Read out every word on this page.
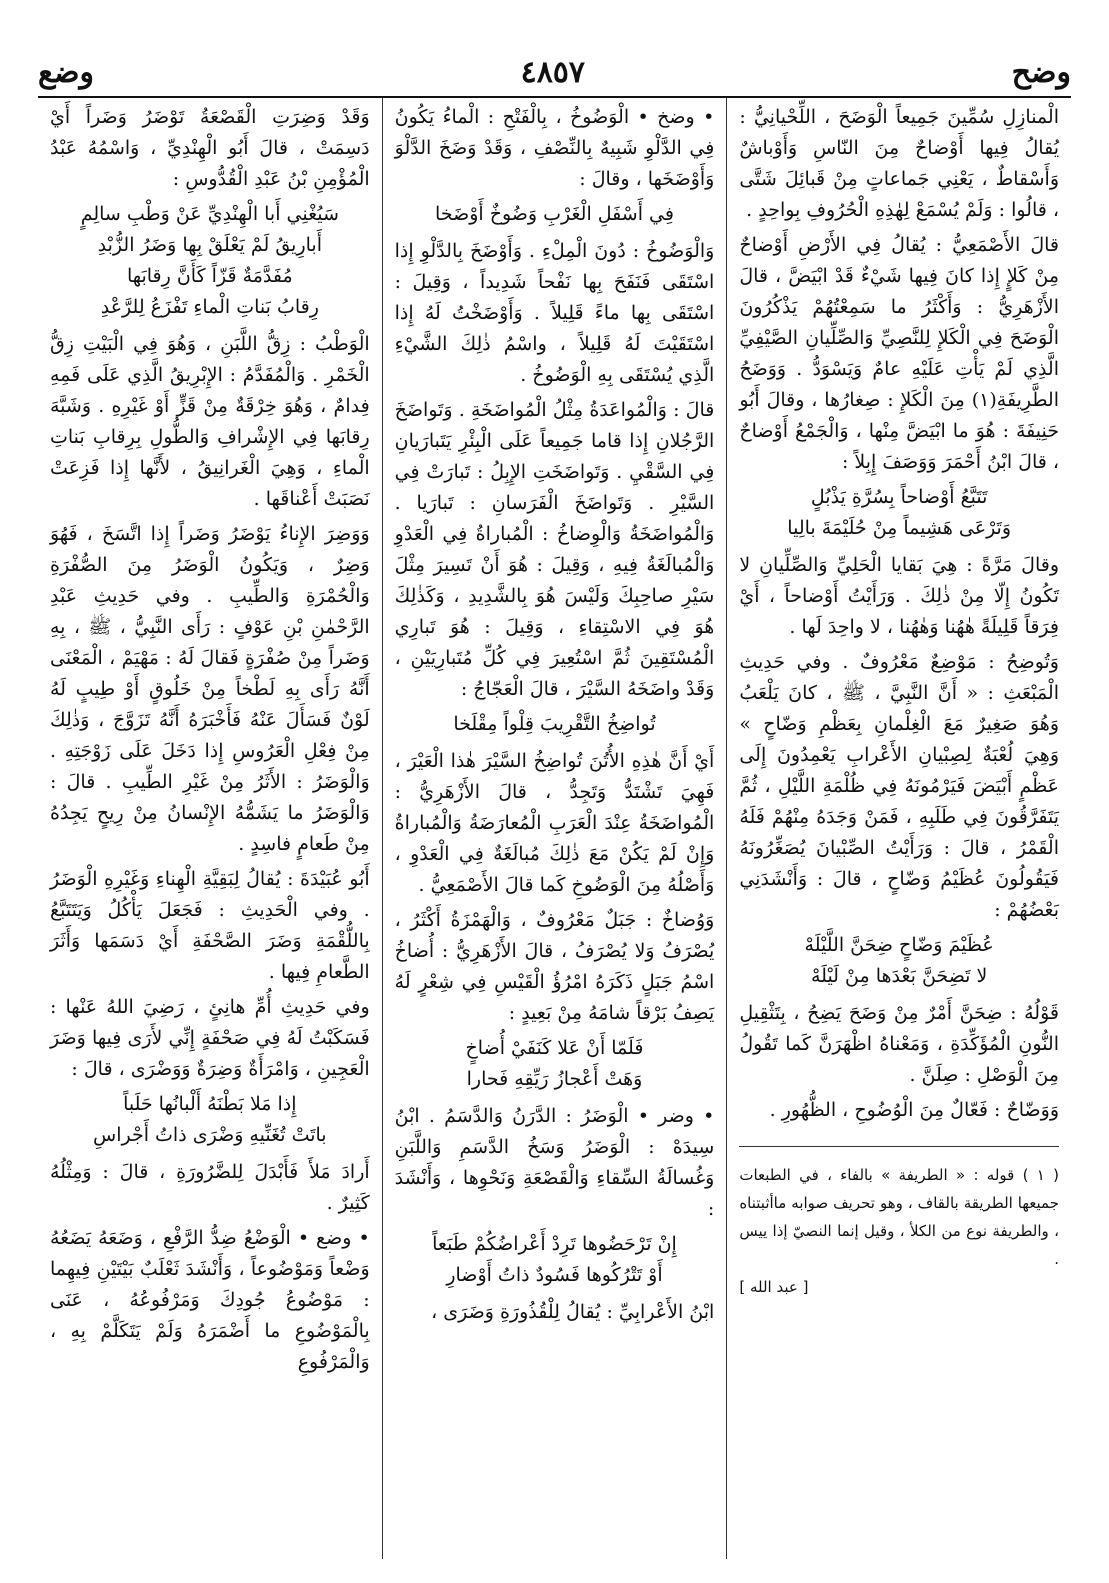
وضع	٤٨٥٧	وضح

الْمنازِلِ سُمِّينَ جَمِيعاً الْوَضَحَ ، اللِّحْيانِيُّ : يُقالُ فِيها أَوْضاحٌ مِنَ النّاسِ وَأَوْباشٌ وَأَسْقاطٌ ، يَعْنِي جَماعاتٍ مِنْ قَبائِلَ شَتَّى ، قالُوا : وَلَمْ يُسْمَعْ لِهٰذِهِ الْحُرُوفِ بِواحِدٍ .

قالَ الأَصْمَعِيُّ : يُقالُ فِي الأَرْضِ أَوْضاحٌ مِنْ كَلإٍ إِذا كانَ فِيها شَيْءٌ قَدْ ابْيَضَّ ، قالَ الأَزْهَرِيُّ : وَأَكْثَرُ ما سَمِعْتُهُمْ يَذْكُرُونَ الْوَضَحَ فِي الْكَلإِ لِلنَّصِيِّ وَالصِّلِّيانِ الصَّيْفِيِّ الَّذِي لَمْ يَأْتِ عَلَيْهِ عامٌ وَيَسْوَدُّ . وَوَضَحُ الطَّرِيفَةِ(١) مِنَ الْكَلإِ : صِغارُها ، وقالَ أَبُو حَنِيفَةَ : هُوَ ما ابْيَضَّ مِنْها ، وَالْجَمْعُ أَوْضاحٌ ، قالَ ابْنُ أَحْمَرَ وَوَصَفَ إِبِلاً :

تَتَبَّعُ أَوْضاحاً بِسُرَّةِ يَذْبُلٍ
وَتَرْعَى هَشِيماً مِنْ حُلَيْمَةَ بالِيا

وقالَ مَرَّةً : هِيَ بَقايا الْحَلِيِّ وَالصِّلِّيانِ لا تَكُونُ إِلّا مِنْ ذٰلِكَ . وَرَأَيْتُ أَوْضاحاً ، أَيْ فِرَقاً قَلِيلَةً هٰهُنا وَهٰهُنا ، لا واحِدَ لَها .

وَتُوضِحُ : مَوْضِعٌ مَعْرُوفٌ . وفي حَدِيثِ الْمَبْعَثِ : « أَنَّ النَّبِيَّ ، ﷺ ، كانَ يَلْعَبُ وَهُوَ صَغِيرٌ مَعَ الْغِلْمانِ بِعَظْمِ وَضّاحٍ » وَهِيَ لُعْبَةٌ لِصِبْيانِ الأَعْرابِ يَعْمِدُونَ إِلَى عَظْمٍ أَبْيَضَ فَيَرْمُونَهُ فِي ظُلْمَةِ اللَّيْلِ ، ثُمَّ يَتَفَرَّقُونَ فِي طَلَبِهِ ، فَمَنْ وَجَدَهُ مِنْهُمْ فَلَهُ الْقَمْرُ ، قالَ : وَرَأَيْتُ الصِّبْيانَ يُصَغِّرُونَهُ فَيَقُولُونَ عُظَيْمُ وَضّاحٍ ، قالَ : وَأَنْشَدَنِي بَعْضُهُمْ :

عُظَيْمَ وَضّاحٍ ضِحَنَّ اللَّيْلَهْ
لا تَضِحَنَّ بَعْدَها مِنْ لَيْلَهْ

قَوْلُهُ : ضِحَنَّ أَمْرٌ مِنْ وَضَحَ يَضِحُ ، بِتَثْقِيلِ النُّونِ الْمُؤَكِّدَةِ ، وَمَعْناهُ اظْهَرَنَّ كَما تَقُولُ مِنَ الْوَصْلِ : صِلَنَّ .

وَوَضّاحٌ : فَعّالٌ مِنَ الْوُضُوحِ ، الظُّهُورِ .

( ١ ) قوله : « الطريفة » بالفاء ، في الطبعات جميعها الطريقة بالقاف ، وهو تحريف صوابه ماأثبتناه ، والطريفة نوع من الكلأ ، وقيل إنما النصيّ إذا ييس .
[ عبد الله ]

• وضخ • الْوَضُوخُ ، بِالْفَتْحِ : الْماءُ يَكُونُ فِي الدَّلْوِ شَبِيهٌ بِالنِّصْفِ ، وَقَدْ وَضَخَ الدَّلْوَ وَأَوْضَخَها ، وقالَ :

فِي أَسْفَلِ الْغَرْبِ وَضُوخٌ أَوْضَخا

وَالْوَضُوخُ : دُونَ الْمِلْءِ . وَأَوْضَخَ بِالدَّلْوِ إِذا اسْتَقَى فَنَفَحَ بِها نَفْحاً شَدِيداً ، وَقِيلَ : اسْتَقَى بِها ماءً قَلِيلاً . وَأَوْضَخْتُ لَهُ إِذا اسْتَقَيْتَ لَهُ قَلِيلاً ، واسْمُ ذٰلِكَ الشَّيْءِ الَّذِي يُسْتَقَى بِهِ الْوَضُوخُ .

قالَ : وَالْمُواعَدَةُ مِثْلُ الْمُواضَخَةِ . وَتَواضَخَ الرَّجُلانِ إِذا قاما جَمِيعاً عَلَى الْبِئْرِ يَتَبارَيانِ فِي السَّقْيِ . وَتَواضَخَتِ الإِبِلُ : تَبارَتْ فِي السَّيْرِ . وَتَواضَخَ الْفَرَسانِ : تَبارَيا . وَالْمُواضَخَةُ وَالْوِضاخُ : الْمُباراةُ فِي الْعَدْوِ وَالْمُبالَغَةُ فِيهِ ، وَقِيلَ : هُوَ أَنْ تَسِيرَ مِثْلَ سَيْرِ صاحِبِكَ وَلَيْسَ هُوَ بِالشَّدِيدِ ، وَكَذٰلِكَ هُوَ فِي الاسْتِقاءِ ، وَقِيلَ : هُوَ تَبارِي الْمُسْتَقِينَ ثُمَّ اسْتُعِيرَ فِي كُلِّ مُتَبارِيَيْنِ ، وَقَدْ واضَخَهُ السَّيْرَ ، قالَ الْعَجّاجُ :

تُواضِخُ التَّقْرِيبَ قِلْواً مِقْلَخا

أَيْ أَنَّ هٰذِهِ الأُتُنَ تُواضِخُ السَّيْرَ هٰذا الْعَيْرَ ، فَهِيَ تَشْتَدُّ وَتَجِدُّ ، قالَ الأَزْهَرِيُّ : الْمُواضَخَةُ عِنْدَ الْعَرَبِ الْمُعارَضَةُ وَالْمُباراةُ وَإِنْ لَمْ يَكُنْ مَعَ ذٰلِكَ مُبالَغَةٌ فِي الْعَدْوِ ، وَأَصْلُهُ مِنَ الْوَضُوخِ كَما قالَ الأَصْمَعِيُّ .

وَوُضاخٌ : جَبَلٌ مَعْرُوفٌ ، وَالْهَمْزَةُ أَكْثَرُ ، يُصْرَفُ وَلا يُصْرَفُ ، قالَ الأَزْهَرِيُّ : أُضاخُ اسْمُ جَبَلٍ ذَكَرَهُ امْرُؤُ الْقَيْسِ فِي شِعْرٍ لَهُ يَصِفُ بَرْقاً شامَهُ مِنْ بَعِيدٍ :

فَلَمّا أَنْ عَلا كَنَفَيْ أُضاخٍ
وَهَتْ أَعْجازُ رَيِّقِهِ فَحارا

• وضر • الْوَضَرُ : الدَّرَنُ وَالدَّسَمُ . ابْنُ سِيدَهْ : الْوَضَرُ وَسَخُ الدَّسَمِ وَاللَّبَنِ وَغُسالَةُ السِّقاءِ وَالْقَصْعَةِ وَنَحْوِها ، وَأَنْشَدَ :

إِنْ تَرْحَضُوها تَرِدْ أَعْراضُكُمْ طَبَعاً
أَوْ تَتْرُكُوها فَسُودٌ ذاتُ أَوْضارِ

ابْنُ الأَعْرابِيِّ : يُقالُ لِلْقُذُورَةِ وَضَرَى ،

وَقَدْ وَضِرَتِ الْقَصْعَةُ تَوْضَرُ وَضَراً أَيْ دَسِمَتْ ، قالَ أَبُو الْهِنْدِيِّ ، وَاسْمُهُ عَبْدُ الْمُؤْمِنِ بْنُ عَبْدِ الْقُدُّوسِ :

سَيُغْنِي أَبا الْهِنْدِيِّ عَنْ وَطْبِ سالِمٍ
أَبارِيقُ لَمْ يَعْلَقْ بِها وَضَرُ الزُّبْدِ
مُفَدَّمَةٌ قَزّاً كَأَنَّ رِقابَها
رِقابُ بَناتِ الْماءِ تَفْزَعُ لِلرَّعْدِ

الْوَطْبُ : زِقُّ اللَّبَنِ ، وَهُوَ فِي الْبَيْتِ زِقُّ الْخَمْرِ . وَالْمُفَدَّمُ : الإِبْرِيقُ الَّذِي عَلَى فَمِهِ فِدامٌ ، وَهُوَ خِرْقَةٌ مِنْ قَزٍّ أَوْ غَيْرِهِ . وَشَبَّهَ رِقابَها فِي الإِشْرافِ وَالطُّولِ بِرِقابِ بَناتِ الْماءِ ، وَهِيَ الْغَرانِيقُ ، لأَنَّها إِذا فَزِعَتْ نَصَبَتْ أَعْناقَها .

وَوَضِرَ الإِناءُ يَوْضَرُ وَضَراً إِذا اتَّسَخَ ، فَهُوَ وَضِرٌ ، وَيَكُونُ الْوَضَرُ مِنَ الصُّفْرَةِ وَالْحُمْرَةِ وَالطِّيبِ . وفي حَدِيثِ عَبْدِ الرَّحْمٰنِ بْنِ عَوْفٍ : رَأَى النَّبِيُّ ، ﷺ ، بِهِ وَضَراً مِنْ صُفْرَةٍ فَقالَ لَهُ : مَهْيَمْ ، الْمَعْنَى أَنَّهُ رَأَى بِهِ لَطْخاً مِنْ خَلُوقٍ أَوْ طِيبٍ لَهُ لَوْنٌ فَسَأَلَ عَنْهُ فَأَخْبَرَهُ أَنَّهُ تَزَوَّجَ ، وَذٰلِكَ مِنْ فِعْلِ الْعَرُوسِ إِذا دَخَلَ عَلَى زَوْجَتِهِ . وَالْوَضَرُ : الأَثَرُ مِنْ غَيْرِ الطِّيبِ . قالَ : وَالْوَضَرُ ما يَشَمُّهُ الإِنْسانُ مِنْ رِيحٍ يَجِدُهُ مِنْ طَعامٍ فاسِدٍ .

أَبُو عُبَيْدَةَ : يُقالُ لِبَقِيَّةِ الْهِناءِ وَغَيْرِهِ الْوَضَرُ . وفي الْحَدِيثِ : فَجَعَلَ يَأْكُلُ وَيَتَتَبَّعُ بِاللُّقْمَةِ وَضَرَ الصَّحْفَةِ أَيْ دَسَمَها وَأَثَرَ الطَّعامِ فِيها .

وفي حَدِيثِ أُمِّ هانِئٍ ، رَضِيَ اللهُ عَنْها : فَسَكَبْتُ لَهُ فِي صَحْفَةٍ إِنِّي لأَرَى فِيها وَضَرَ الْعَجِينِ ، وَامْرَأَةٌ وَضِرَةٌ وَوَضْرَى ، قالَ :

إِذا مَلا بَطْنَهُ أَلْبانُها حَلَباً
باتَتْ تُغَنِّيهِ وَضْرَى ذاتُ أَجْراسِ

أَرادَ مَلأَ فَأَبْدَلَ لِلضَّرُورَةِ ، قالَ : وَمِثْلُهُ كَثِيرٌ .

• وضع • الْوَضْعُ ضِدُّ الرَّفْعِ ، وَضَعَهُ يَضَعُهُ وَضْعاً وَمَوْضُوعاً ، وَأَنْشَدَ ثَعْلَبٌ بَيْتَيْنِ فِيهِما : مَوْضُوعُ جُودِكَ وَمَرْفُوعُهُ ، عَنَى بِالْمَوْضُوعِ ما أَضْمَرَهُ وَلَمْ يَتَكَلَّمْ بِهِ ، وَالْمَرْفُوعِ
